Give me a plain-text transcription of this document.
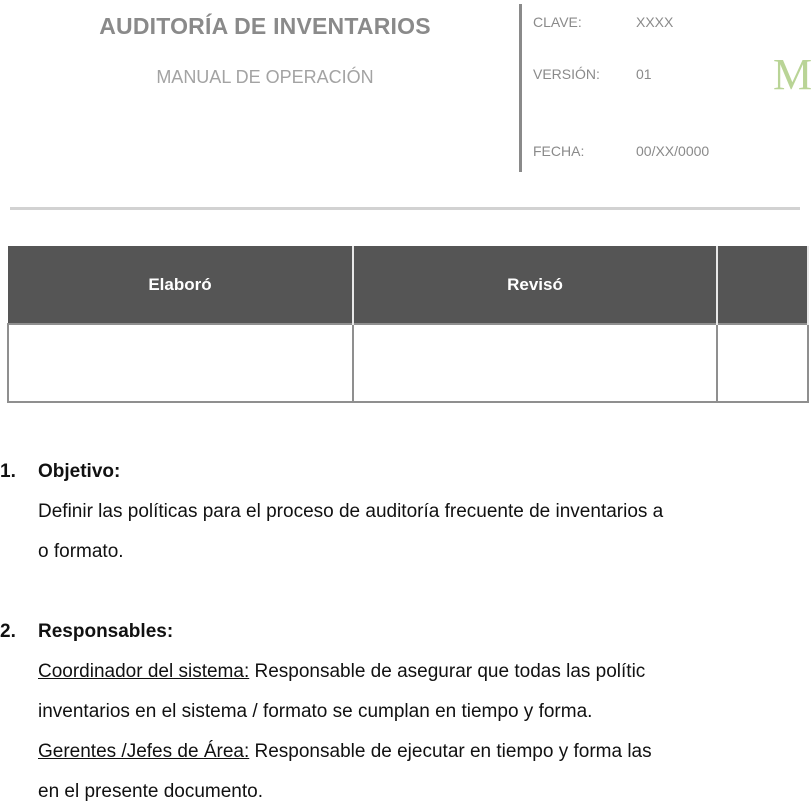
AUDITORÍA DE INVENTARIOS
MANUAL DE OPERACIÓN
CLAVE:	XXXX
VERSIÓN:	01
FECHA:	00/XX/0000
M
Elaboró	Revisó	

1. Objetivo:
Definir las políticas para el proceso de auditoría frecuente de inventarios a
o formato.
2. Responsables:
Coordinador del sistema: Responsable de asegurar que todas las polític
inventarios en el sistema / formato se cumplan en tiempo y forma.
Gerentes /Jefes de Área: Responsable de ejecutar en tiempo y forma las
en el presente documento.
